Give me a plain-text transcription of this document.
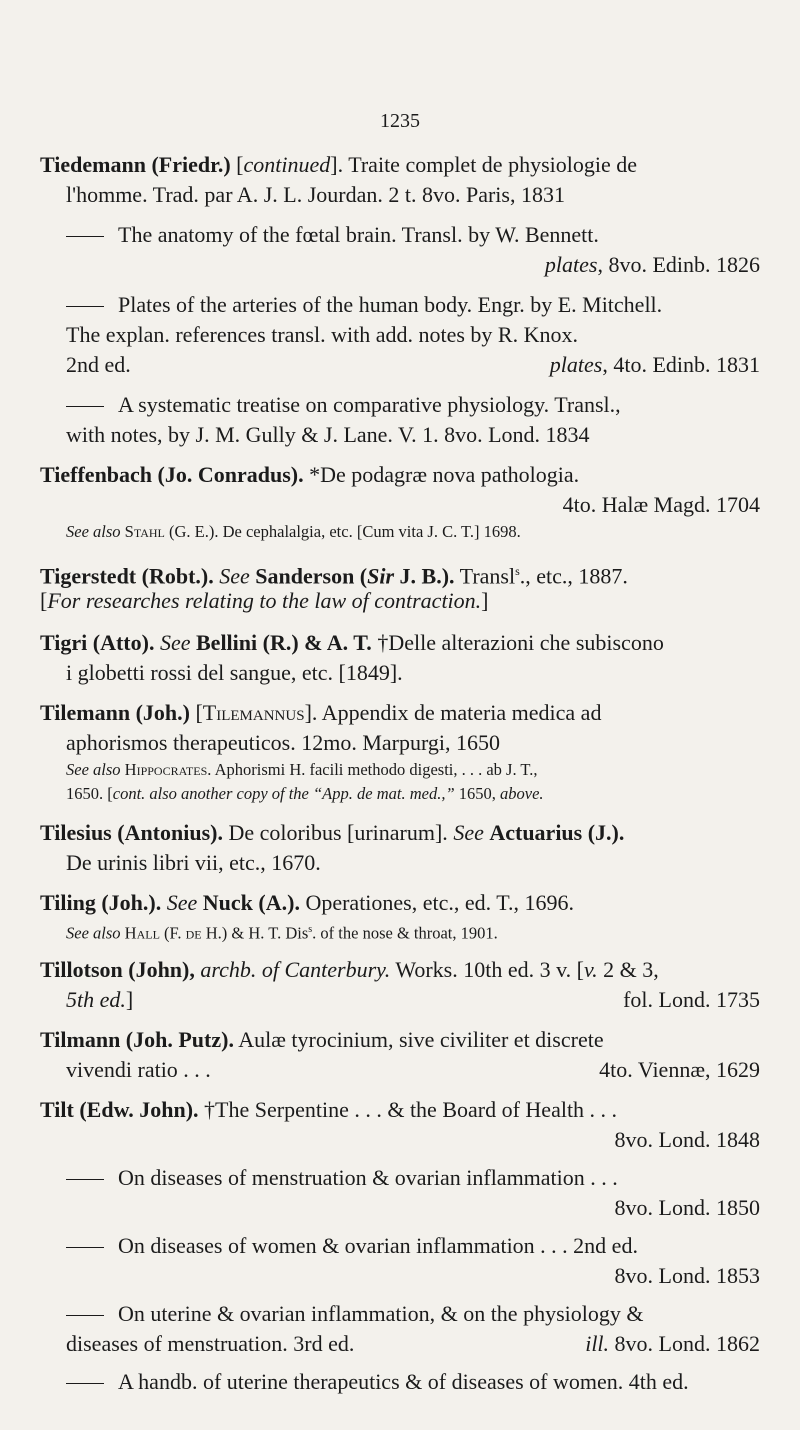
1235
Tiedemann (Friedr.) [continued]. Traite complet de physiologie de
l'homme. Trad. par A. J. L. Jourdan. 2 t. 8vo. Paris, 1831
The anatomy of the fœtal brain. Transl. by W. Bennett.
plates, 8vo. Edinb. 1826
Plates of the arteries of the human body. Engr. by E. Mitchell.
The explan. references transl. with add. notes by R. Knox.
2nd ed.	plates, 4to. Edinb. 1831
A systematic treatise on comparative physiology. Transl.,
with notes, by J. M. Gully & J. Lane. V. 1. 8vo. Lond. 1834
Tieffenbach (Jo. Conradus). *De podagræ nova pathologia.
4to. Halæ Magd. 1704
See also Stahl (G. E.). De cephalalgia, etc. [Cum vita J. C. T.] 1698.
Tigerstedt (Robt.). See Sanderson (Sir J. B.). Transl$^s$., etc., 1887.
[For researches relating to the law of contraction.]
Tigri (Atto). See Bellini (R.) & A. T. †Delle alterazioni che subiscono
i globetti rossi del sangue, etc. [1849].
Tilemann (Joh.) [Tilemannus]. Appendix de materia medica ad
aphorismos therapeuticos. 12mo. Marpurgi, 1650
See also Hippocrates. Aphorismi H. facili methodo digesti, . . . ab J. T.,
1650. [cont. also another copy of the “App. de mat. med.,” 1650, above.
Tilesius (Antonius). De coloribus [urinarum]. See Actuarius (J.).
De urinis libri vii, etc., 1670.
Tiling (Joh.). See Nuck (A.). Operationes, etc., ed. T., 1696.
See also Hall (F. de H.) & H. T. Dis$^s$. of the nose & throat, 1901.
Tillotson (John), archb. of Canterbury. Works. 10th ed. 3 v. [v. 2 & 3,
5th ed.]	fol. Lond. 1735
Tilmann (Joh. Putz). Aulæ tyrocinium, sive civiliter et discrete
vivendi ratio . . .	4to. Viennæ, 1629
Tilt (Edw. John). †The Serpentine . . . & the Board of Health . . .
8vo. Lond. 1848
On diseases of menstruation & ovarian inflammation . . .
8vo. Lond. 1850
On diseases of women & ovarian inflammation . . . 2nd ed.
8vo. Lond. 1853
On uterine & ovarian inflammation, & on the physiology &
diseases of menstruation. 3rd ed.	ill. 8vo. Lond. 1862
A handb. of uterine therapeutics & of diseases of women. 4th ed.
